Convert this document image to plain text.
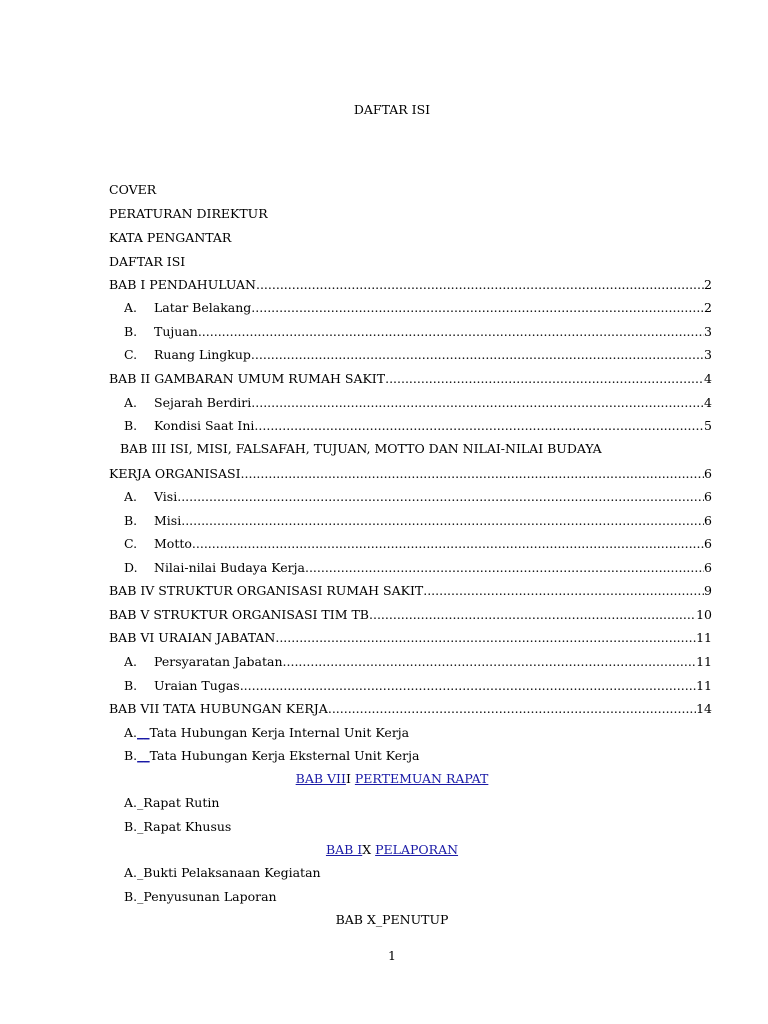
DAFTAR ISI
COVER
PERATURAN DIREKTUR
KATA PENGANTAR
DAFTAR ISI
BAB I PENDAHULUAN .....	2
A.	Latar Belakang .....	2
B.	Tujuan .....	3
C.	Ruang Lingkup .....	3
BAB II GAMBARAN UMUM RUMAH SAKIT .....	4
A.	Sejarah Berdiri .....	4
B.	Kondisi Saat Ini .....	5
BAB III ISI, MISI, FALSAFAH, TUJUAN, MOTTO DAN NILAI-NILAI BUDAYA
KERJA ORGANISASI .....	6
A.	Visi .....	6
B.	Misi .....	6
C.	Motto .....	6
D.	Nilai-nilai Budaya Kerja .....	6
BAB IV STRUKTUR ORGANISASI RUMAH SAKIT .....	9
BAB V STRUKTUR ORGANISASI TIM TB .....	10
BAB VI URAIAN JABATAN .....	11
A.	Persyaratan Jabatan .....	11
B.	Uraian Tugas .....	11
BAB VII TATA HUBUNGAN KERJA .....	14
A.__Tata Hubungan Kerja Internal Unit Kerja
B.__Tata Hubungan Kerja Eksternal Unit Kerja
BAB VIII PERTEMUAN RAPAT
A._Rapat Rutin
B._Rapat Khusus
BAB IX PELAPORAN
A._Bukti Pelaksanaan Kegiatan
B._Penyusunan Laporan
BAB X_PENUTUP
1
